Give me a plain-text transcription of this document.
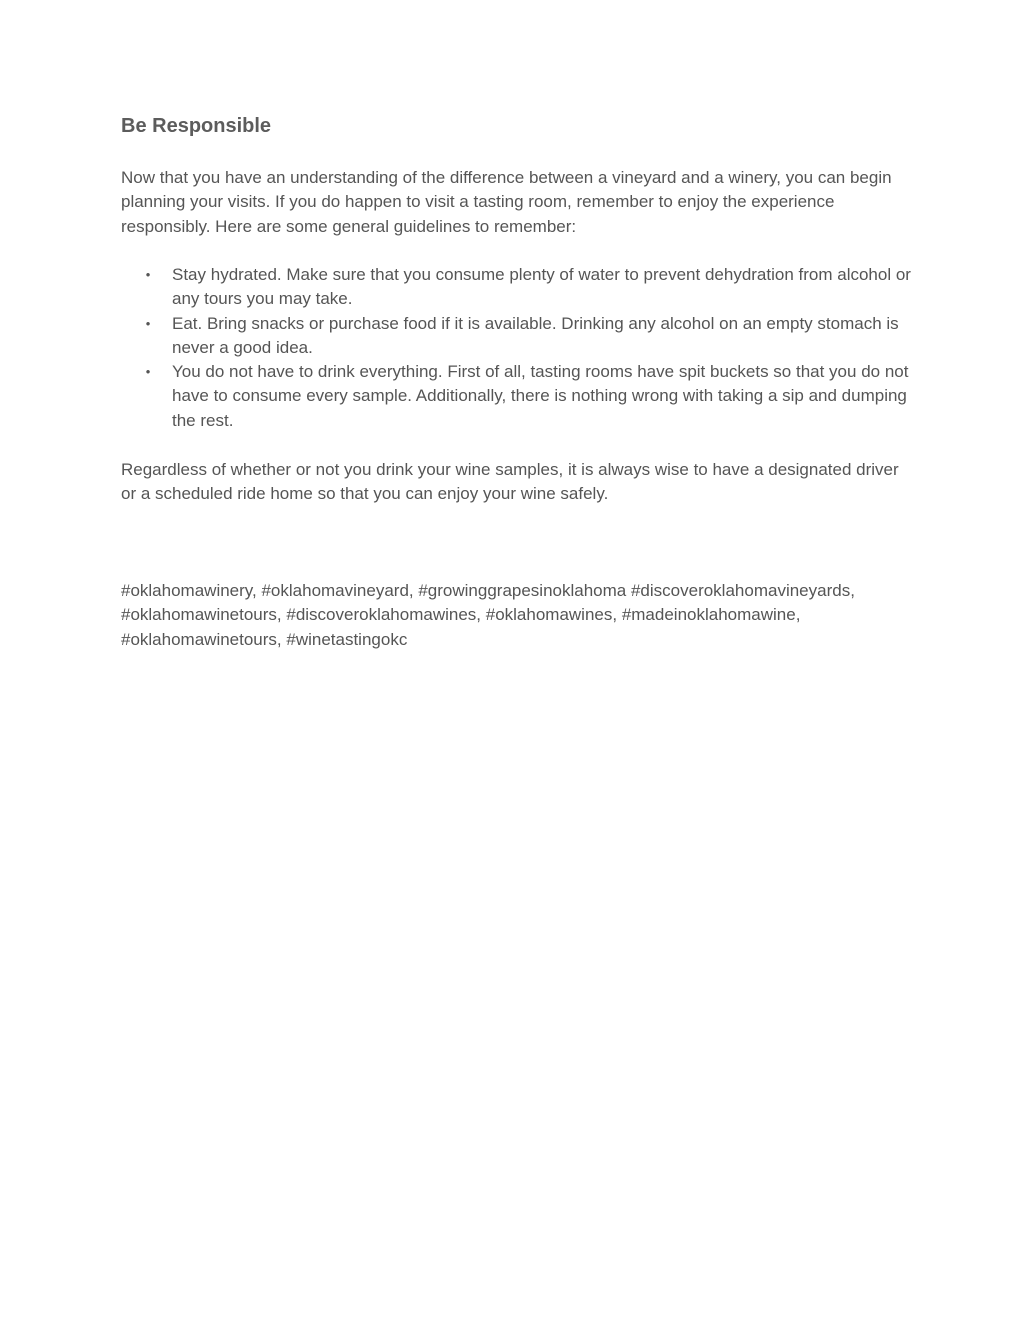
Be Responsible

Now that you have an understanding of the difference between a vineyard and a winery, you can begin planning your visits. If you do happen to visit a tasting room, remember to enjoy the experience responsibly. Here are some general guidelines to remember:

• Stay hydrated. Make sure that you consume plenty of water to prevent dehydration from alcohol or any tours you may take.
• Eat. Bring snacks or purchase food if it is available. Drinking any alcohol on an empty stomach is never a good idea.
• You do not have to drink everything. First of all, tasting rooms have spit buckets so that you do not have to consume every sample. Additionally, there is nothing wrong with taking a sip and dumping the rest.

Regardless of whether or not you drink your wine samples, it is always wise to have a designated driver or a scheduled ride home so that you can enjoy your wine safely.

#oklahomawinery, #oklahomavineyard, #growinggrapesinoklahoma #discoveroklahomavineyards, #oklahomawinetours, #discoveroklahomawines, #oklahomawines, #madeinoklahomawine, #oklahomawinetours, #winetastingokc
